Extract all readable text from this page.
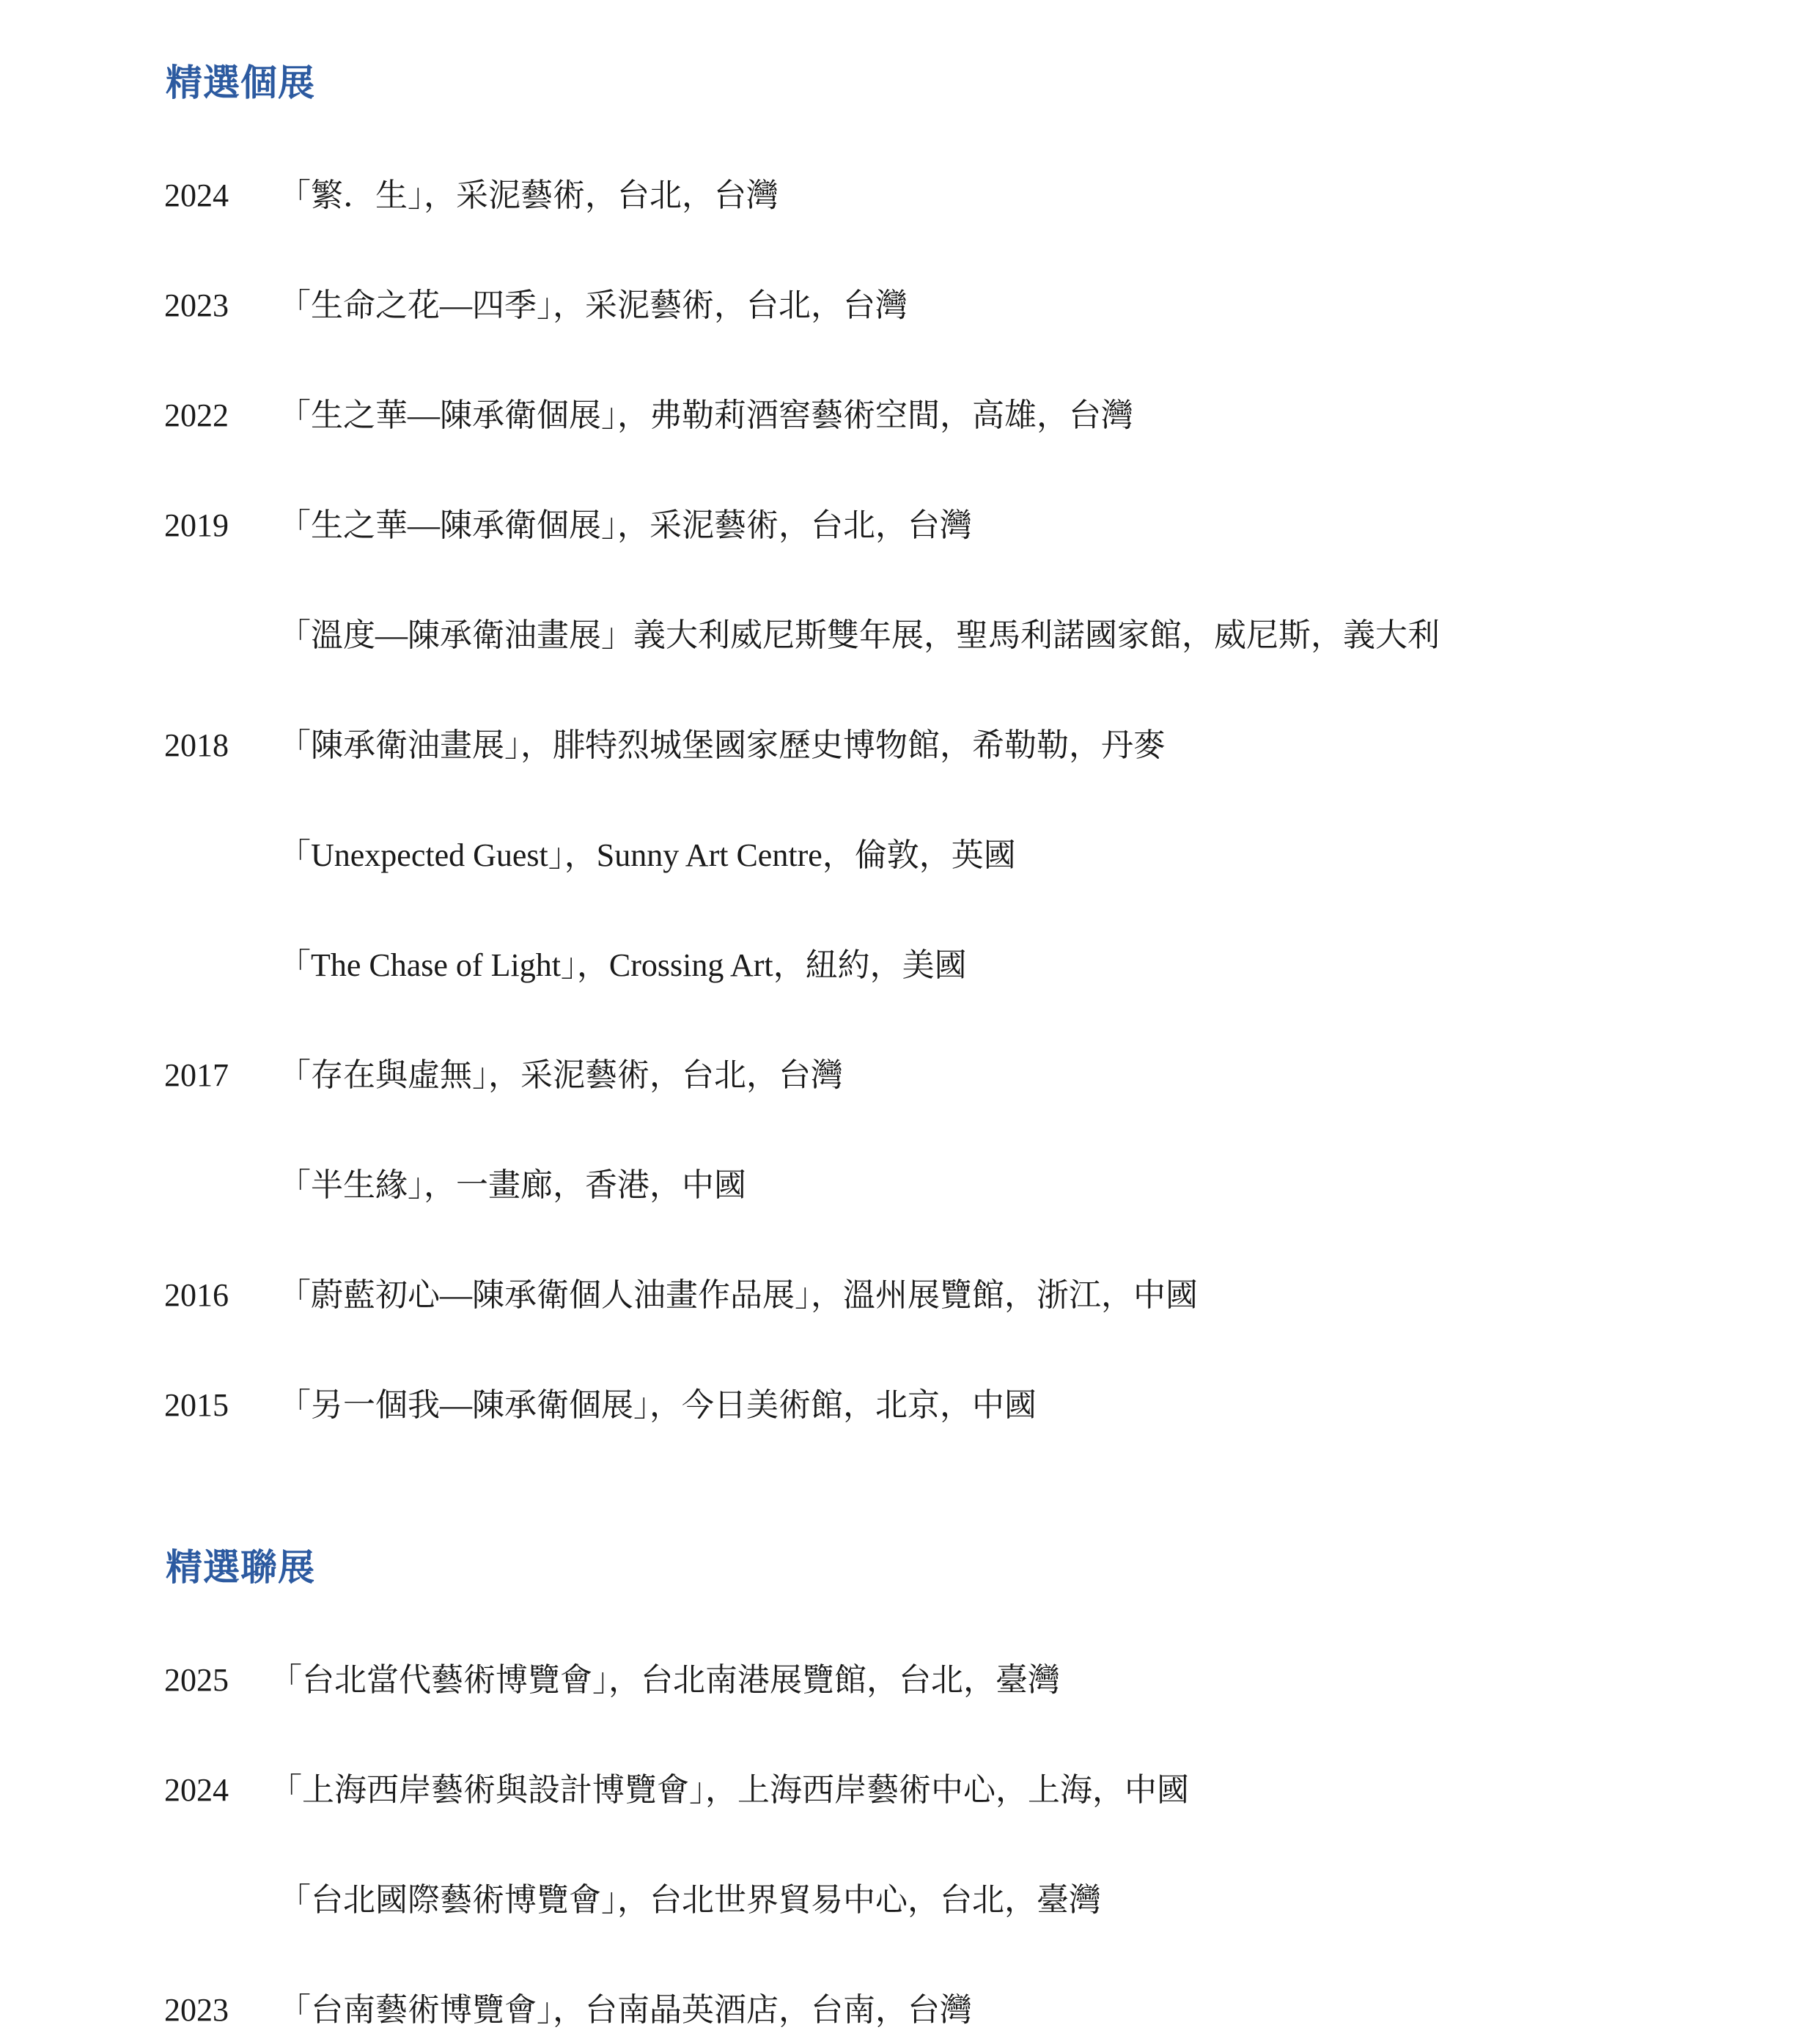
精選個展
2024 「繁．生」，采泥藝術，台北，台灣
2023 「生命之花—四季」，采泥藝術，台北，台灣
2022 「生之華—陳承衛個展」，弗勒莉酒窖藝術空間，高雄，台灣
2019 「生之華—陳承衛個展」，采泥藝術，台北，台灣
「溫度—陳承衛油畫展」義大利威尼斯雙年展，聖馬利諾國家館，威尼斯，義大利
2018 「陳承衛油畫展」，腓特烈城堡國家歷史博物館，希勒勒，丹麥
「Unexpected Guest」，Sunny Art Centre，倫敦，英國
「The Chase of Light」，Crossing Art，紐約，美國
2017 「存在與虛無」，采泥藝術，台北，台灣
「半生緣」，一畫廊，香港，中國
2016 「蔚藍初心—陳承衛個人油畫作品展」，溫州展覽館，浙江，中國
2015 「另一個我—陳承衛個展」，今日美術館，北京，中國
精選聯展
2025 「台北當代藝術博覽會」，台北南港展覽館，台北，臺灣
2024 「上海西岸藝術與設計博覽會」，上海西岸藝術中心，上海，中國
「台北國際藝術博覽會」，台北世界貿易中心，台北，臺灣
2023 「台南藝術博覽會」，台南晶英酒店，台南，台灣
